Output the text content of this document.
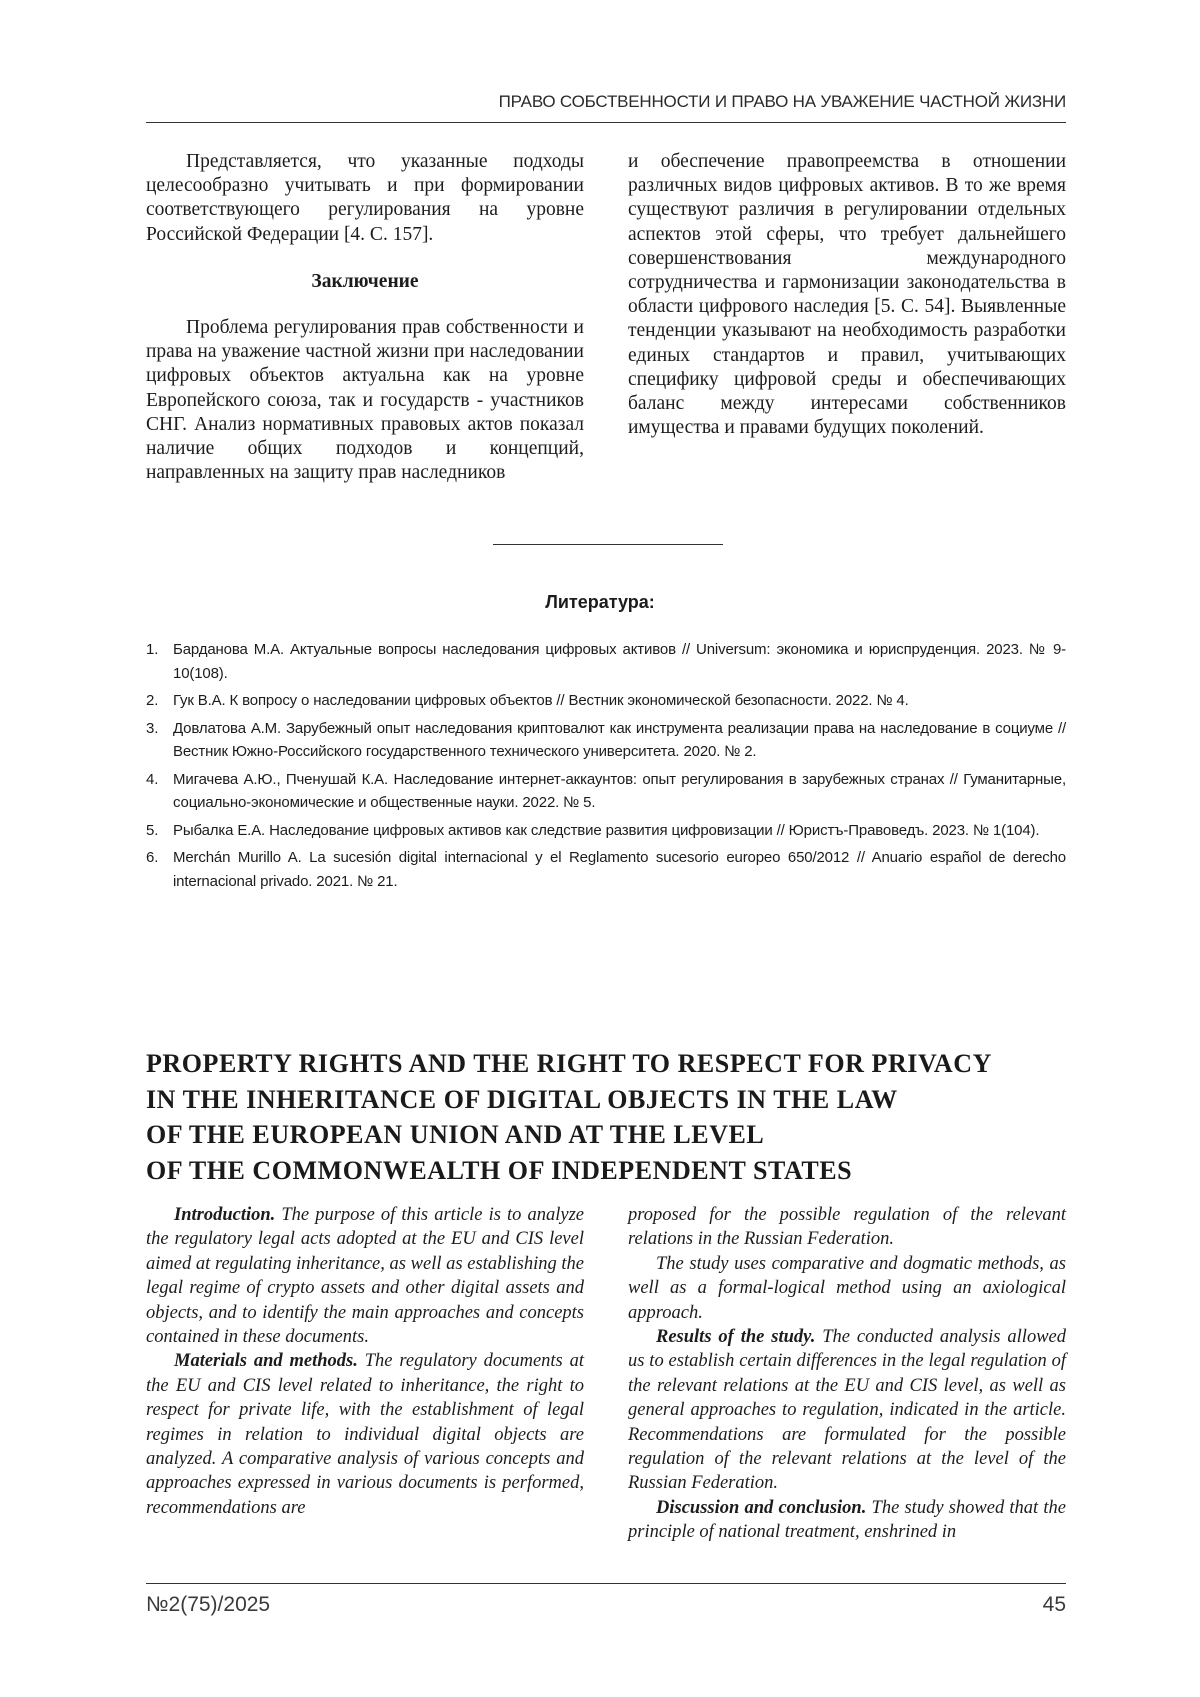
ПРАВО СОБСТВЕННОСТИ И ПРАВО НА УВАЖЕНИЕ ЧАСТНОЙ ЖИЗНИ

Представляется, что указанные подходы целесообразно учитывать и при формировании соответствующего регулирования на уровне Российской Федерации [4. С. 157].

Заключение

Проблема регулирования прав собственности и права на уважение частной жизни при наследовании цифровых объектов актуальна как на уровне Европейского союза, так и государств - участников СНГ. Анализ нормативных правовых актов показал наличие общих подходов и концепций, направленных на защиту прав наследников

и обеспечение правопреемства в отношении различных видов цифровых активов. В то же время существуют различия в регулировании отдельных аспектов этой сферы, что требует дальнейшего совершенствования международного сотрудничества и гармонизации законодательства в области цифрового наследия [5. С. 54]. Выявленные тенденции указывают на необходимость разработки единых стандартов и правил, учитывающих специфику цифровой среды и обеспечивающих баланс между интересами собственников имущества и правами будущих поколений.

Литература:
1. Барданова М.А. Актуальные вопросы наследования цифровых активов // Universum: экономика и юриспруденция. 2023. № 9-10(108).
2. Гук В.А. К вопросу о наследовании цифровых объектов // Вестник экономической безопасности. 2022. № 4.
3. Довлатова А.М. Зарубежный опыт наследования криптовалют как инструмента реализации права на наследование в социуме // Вестник Южно-Российского государственного технического университета. 2020. № 2.
4. Мигачева А.Ю., Пченушай К.А. Наследование интернет-аккаунтов: опыт регулирования в зарубежных странах // Гуманитарные, социально-экономические и общественные науки. 2022. № 5.
5. Рыбалка Е.А. Наследование цифровых активов как следствие развития цифровизации // Юристъ-Правоведъ. 2023. № 1(104).
6. Merchán Murillo A. La sucesión digital internacional y el Reglamento sucesorio europeo 650/2012 // Anuario español de derecho internacional privado. 2021. № 21.
PROPERTY RIGHTS AND THE RIGHT TO RESPECT FOR PRIVACY
IN THE INHERITANCE OF DIGITAL OBJECTS IN THE LAW
OF THE EUROPEAN UNION AND AT THE LEVEL
OF THE COMMONWEALTH OF INDEPENDENT STATES

Introduction. The purpose of this article is to analyze the regulatory legal acts adopted at the EU and CIS level aimed at regulating inheritance, as well as establishing the legal regime of crypto assets and other digital assets and objects, and to identify the main approaches and concepts contained in these documents.

Materials and methods. The regulatory documents at the EU and CIS level related to inheritance, the right to respect for private life, with the establishment of legal regimes in relation to individual digital objects are analyzed. A comparative analysis of various concepts and approaches expressed in various documents is performed, recommendations are

proposed for the possible regulation of the relevant relations in the Russian Federation.

The study uses comparative and dogmatic methods, as well as a formal-logical method using an axiological approach.

Results of the study. The conducted analysis allowed us to establish certain differences in the legal regulation of the relevant relations at the EU and CIS level, as well as general approaches to regulation, indicated in the article. Recommendations are formulated for the possible regulation of the relevant relations at the level of the Russian Federation.

Discussion and conclusion. The study showed that the principle of national treatment, enshrined in

№2(75)/2025	45
